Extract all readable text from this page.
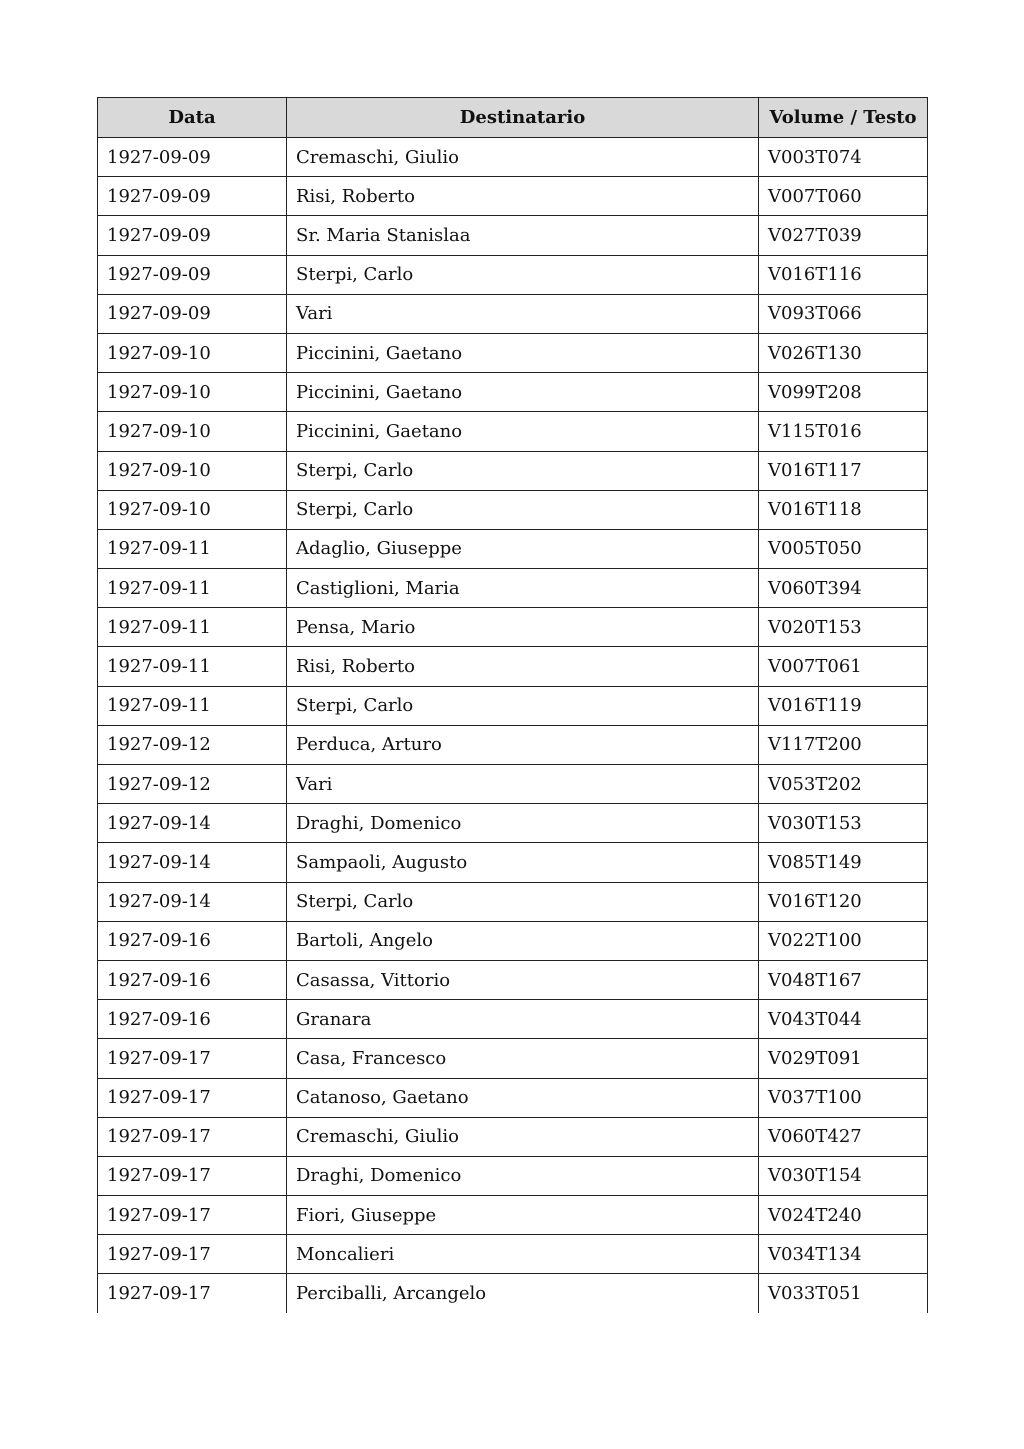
Data	Destinatario	Volume / Testo
1927-09-09	Cremaschi, Giulio	V003T074
1927-09-09	Risi, Roberto	V007T060
1927-09-09	Sr. Maria Stanislaa	V027T039
1927-09-09	Sterpi, Carlo	V016T116
1927-09-09	Vari	V093T066
1927-09-10	Piccinini, Gaetano	V026T130
1927-09-10	Piccinini, Gaetano	V099T208
1927-09-10	Piccinini, Gaetano	V115T016
1927-09-10	Sterpi, Carlo	V016T117
1927-09-10	Sterpi, Carlo	V016T118
1927-09-11	Adaglio, Giuseppe	V005T050
1927-09-11	Castiglioni, Maria	V060T394
1927-09-11	Pensa, Mario	V020T153
1927-09-11	Risi, Roberto	V007T061
1927-09-11	Sterpi, Carlo	V016T119
1927-09-12	Perduca, Arturo	V117T200
1927-09-12	Vari	V053T202
1927-09-14	Draghi, Domenico	V030T153
1927-09-14	Sampaoli, Augusto	V085T149
1927-09-14	Sterpi, Carlo	V016T120
1927-09-16	Bartoli, Angelo	V022T100
1927-09-16	Casassa, Vittorio	V048T167
1927-09-16	Granara	V043T044
1927-09-17	Casa, Francesco	V029T091
1927-09-17	Catanoso, Gaetano	V037T100
1927-09-17	Cremaschi, Giulio	V060T427
1927-09-17	Draghi, Domenico	V030T154
1927-09-17	Fiori, Giuseppe	V024T240
1927-09-17	Moncalieri	V034T134
1927-09-17	Perciballi, Arcangelo	V033T051
